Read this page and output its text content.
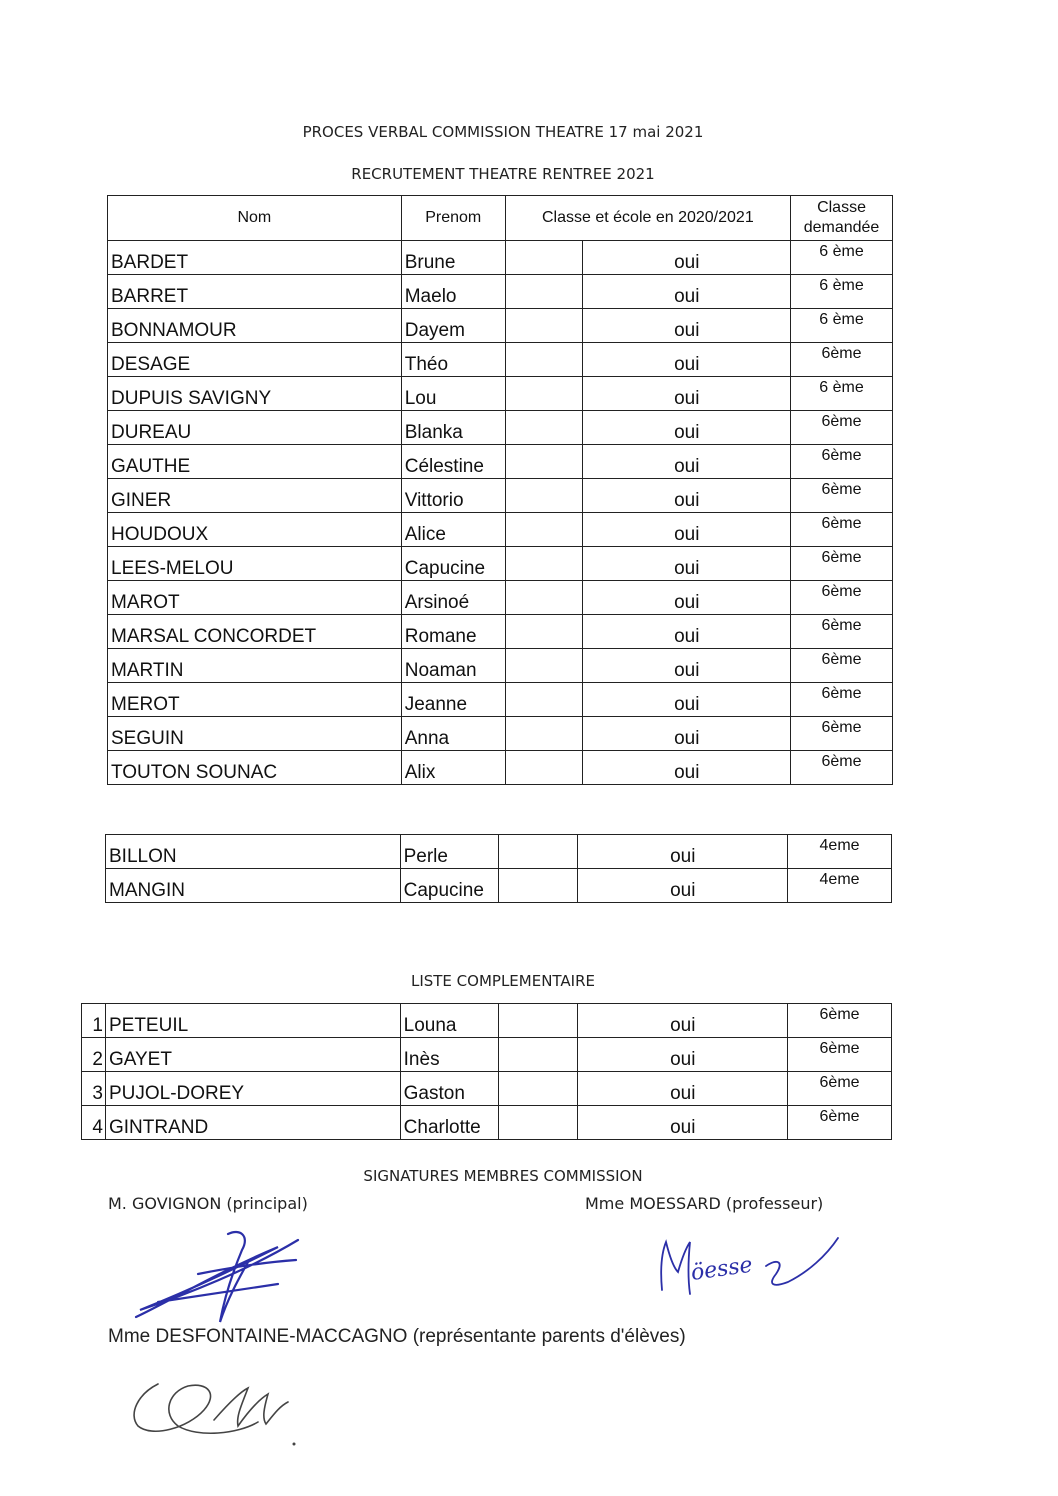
PROCES VERBAL COMMISSION THEATRE 17 mai 2021
RECRUTEMENT THEATRE RENTREE 2021
Nom	Prenom	Classe et école en 2020/2021		Classe
demandée
BARDET	Brune		oui	6 ème
BARRET	Maelo		oui	6 ème
BONNAMOUR	Dayem		oui	6 ème
DESAGE	Théo		oui	6ème
DUPUIS SAVIGNY	Lou		oui	6 ème
DUREAU	Blanka		oui	6ème
GAUTHE	Célestine		oui	6ème
GINER	Vittorio		oui	6ème
HOUDOUX	Alice		oui	6ème
LEES-MELOU	Capucine		oui	6ème
MAROT	Arsinoé		oui	6ème
MARSAL CONCORDET	Romane		oui	6ème
MARTIN	Noaman		oui	6ème
MEROT	Jeanne		oui	6ème
SEGUIN	Anna		oui	6ème
TOUTON SOUNAC	Alix		oui	6ème
BILLON	Perle		oui	4eme
MANGIN	Capucine		oui	4eme
LISTE COMPLEMENTAIRE
1	PETEUIL	Louna		oui	6ème
2	GAYET	Inès		oui	6ème
3	PUJOL-DOREY	Gaston		oui	6ème
4	GINTRAND	Charlotte		oui	6ème
SIGNATURES MEMBRES COMMISSION
M. GOVIGNON (principal)	Mme MOESSARD (professeur)
öesse
Mme DESFONTAINE-MACCAGNO (représentante parents d'élèves)
